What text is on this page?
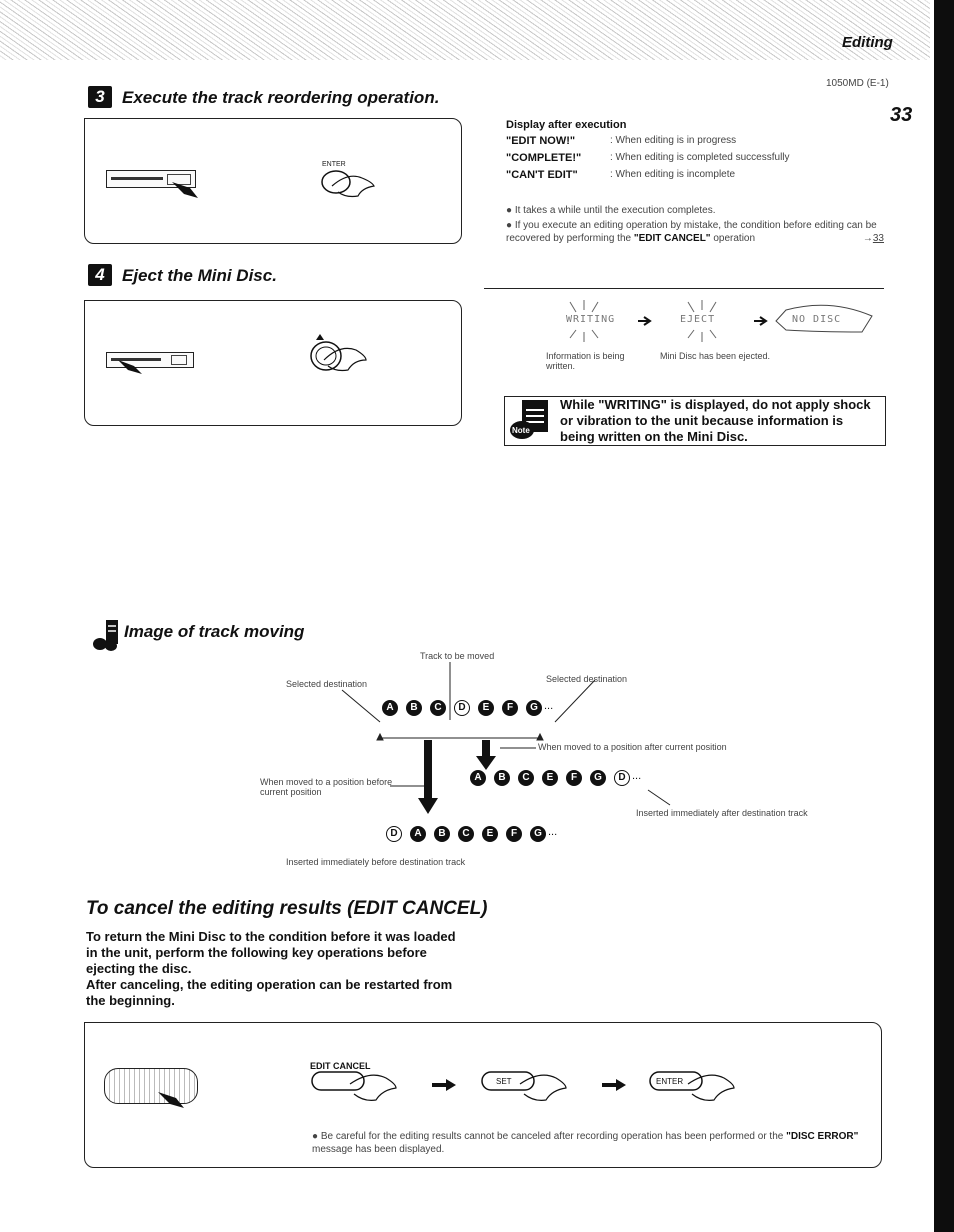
Editing
1050MD (E-1)
33
3	Execute the track reordering operation.
ENTER
Display after execution
"EDIT NOW!"	: When editing is in progress
"COMPLETE!"	: When editing is completed successfully
"CAN'T EDIT"	: When editing is incomplete
● It takes a while until the execution completes.
● If you execute an editing operation by mistake, the condition before editing can be recovered by performing the "EDIT CANCEL" operation	→33
4	Eject the Mini Disc.
WRITING	EJECT	NO DISC
Information is being written.
Mini Disc has been ejected.
Note
While "WRITING" is displayed, do not apply shock or vibration to the unit because information is being written on the Mini Disc.
Image of track moving
Track to be moved
Selected destination	Selected destination
A	B	C	D	E	F	G ...
When moved to a position after current position
When moved to a position before current position
A	B	C	E	F	G	D ...
Inserted immediately after destination track
D	A	B	C	E	F	G ...
Inserted immediately before destination track
To cancel the editing results (EDIT CANCEL)
To return the Mini Disc to the condition before it was loaded in the unit, perform the following key operations before ejecting the disc.
After canceling, the editing operation can be restarted from the beginning.
EDIT CANCEL
SET	ENTER
● Be careful for the editing results cannot be canceled after recording operation has been performed or the "DISC ERROR" message has been displayed.
